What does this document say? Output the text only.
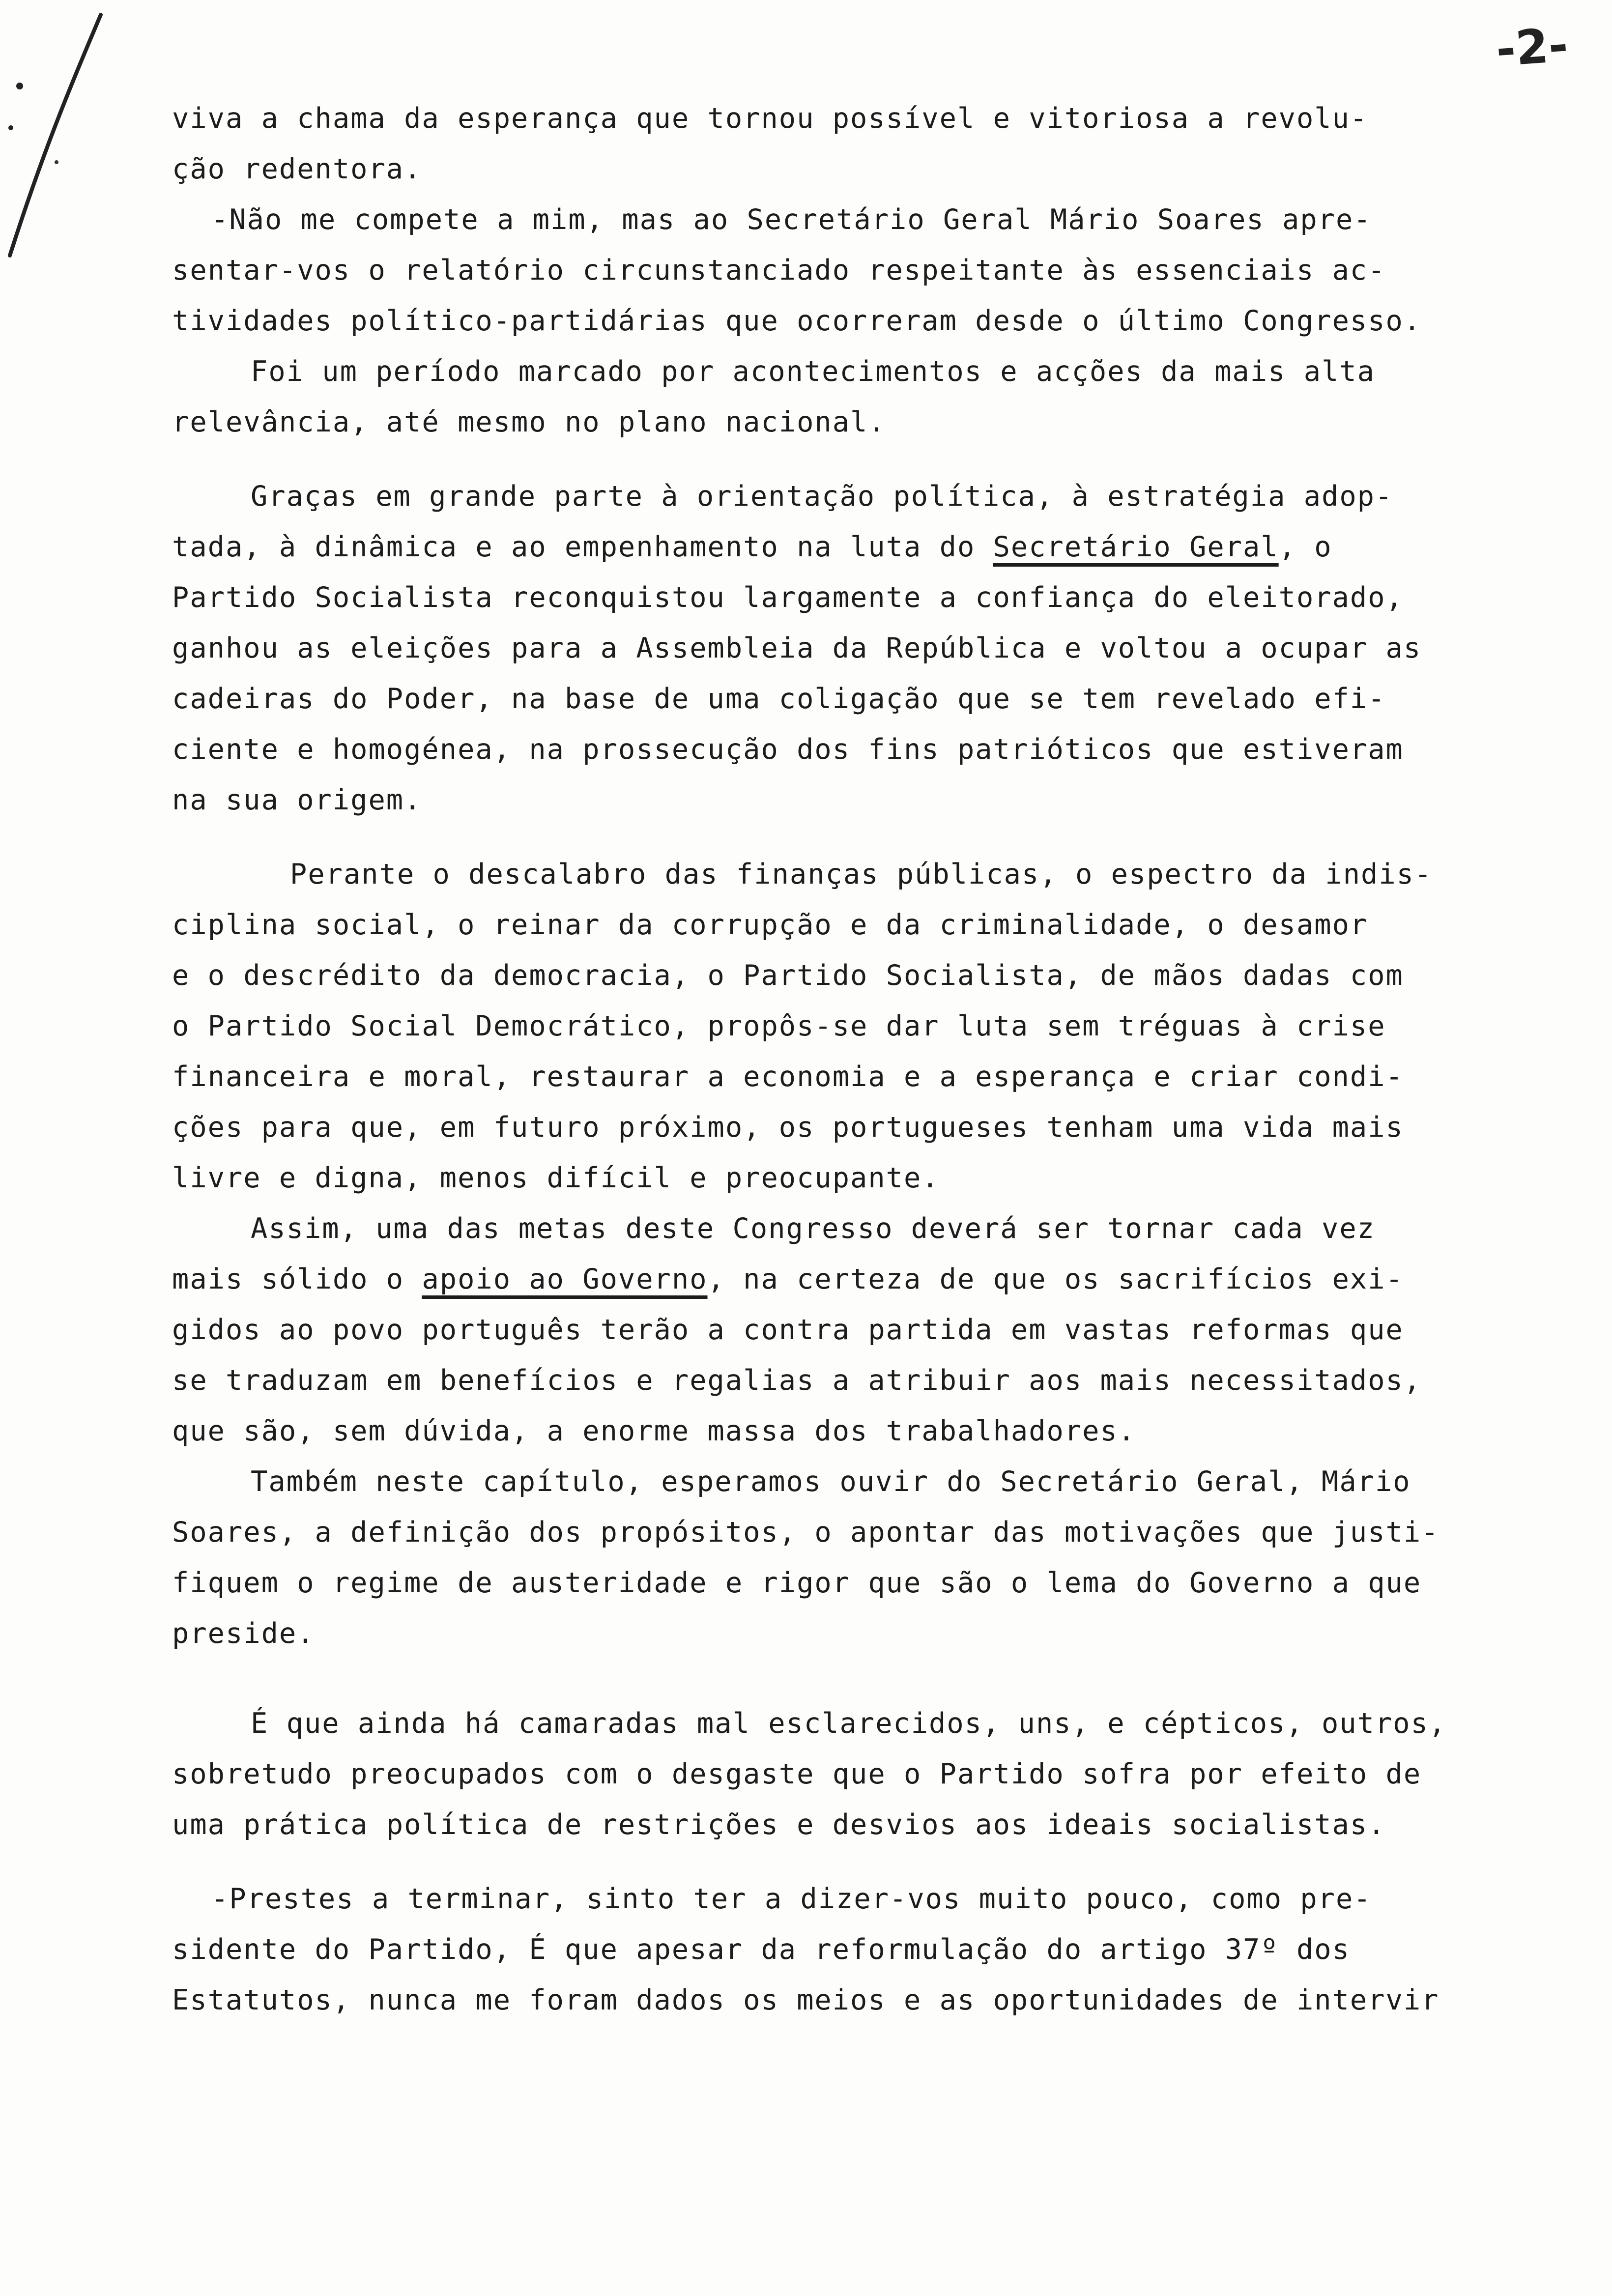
-2-

viva a chama da esperança que tornou possível e vitoriosa a revolu-
ção redentora.

-Não me compete a mim, mas ao Secretário Geral Mário Soares apre-
sentar-vos o relatório circunstanciado respeitante às essenciais ac-
tividades político-partidárias que ocorreram desde o último Congresso.

Foi um período marcado por acontecimentos e acções da mais alta
relevância, até mesmo no plano nacional.

Graças em grande parte à orientação política, à estratégia adop-
tada, à dinâmica e ao empenhamento na luta do Secretário Geral, o
Partido Socialista reconquistou largamente a confiança do eleitorado,
ganhou as eleições para a Assembleia da República e voltou a ocupar as
cadeiras do Poder, na base de uma coligação que se tem revelado efi-
ciente e homogénea, na prossecução dos fins patrióticos que estiveram
na sua origem.

Perante o descalabro das finanças públicas, o espectro da indis-
ciplina social, o reinar da corrupção e da criminalidade, o desamor
e o descrédito da democracia, o Partido Socialista, de mãos dadas com
o Partido Social Democrático, propôs-se dar luta sem tréguas à crise
financeira e moral, restaurar a economia e a esperança e criar condi-
ções para que, em futuro próximo, os portugueses tenham uma vida mais
livre e digna, menos difícil e preocupante.

Assim, uma das metas deste Congresso deverá ser tornar cada vez
mais sólido o apoio ao Governo, na certeza de que os sacrifícios exi-
gidos ao povo português terão a contra partida em vastas reformas que
se traduzam em benefícios e regalias a atribuir aos mais necessitados,
que são, sem dúvida, a enorme massa dos trabalhadores.

Também neste capítulo, esperamos ouvir do Secretário Geral, Mário
Soares, a definição dos propósitos, o apontar das motivações que justi-
fiquem o regime de austeridade e rigor que são o lema do Governo a que
preside.

É que ainda há camaradas mal esclarecidos, uns, e cépticos, outros,
sobretudo preocupados com o desgaste que o Partido sofra por efeito de
uma prática política de restrições e desvios aos ideais socialistas.

-Prestes a terminar, sinto ter a dizer-vos muito pouco, como pre-
sidente do Partido, É que apesar da reformulação do artigo 37º dos
Estatutos, nunca me foram dados os meios e as oportunidades de intervir
